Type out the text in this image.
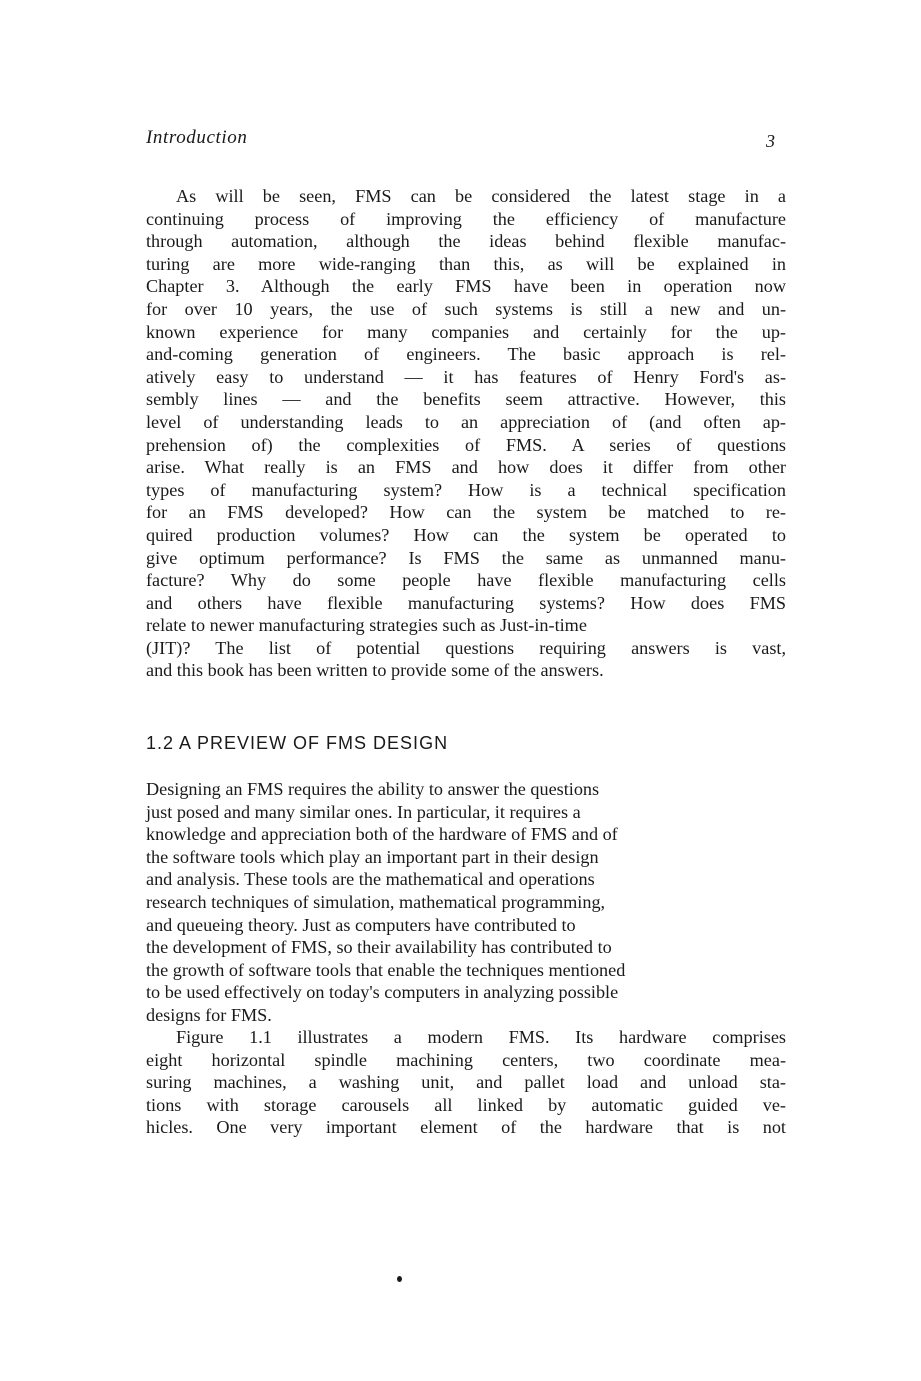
Introduction	3
As will be seen, FMS can be considered the latest stage in a
continuing process of improving the efficiency of manufacture
through automation, although the ideas behind flexible manufac-
turing are more wide-ranging than this, as will be explained in
Chapter 3. Although the early FMS have been in operation now
for over 10 years, the use of such systems is still a new and un-
known experience for many companies and certainly for the up-
and-coming generation of engineers. The basic approach is rel-
atively easy to understand — it has features of Henry Ford's as-
sembly lines — and the benefits seem attractive. However, this
level of understanding leads to an appreciation of (and often ap-
prehension of) the complexities of FMS. A series of questions
arise. What really is an FMS and how does it differ from other
types of manufacturing system? How is a technical specification
for an FMS developed? How can the system be matched to re-
quired production volumes? How can the system be operated to
give optimum performance? Is FMS the same as unmanned manu-
facture? Why do some people have flexible manufacturing cells
and others have flexible manufacturing systems? How does FMS
relate to newer manufacturing strategies such as Just-in-time
(JIT)? The list of potential questions requiring answers is vast,
and this book has been written to provide some of the answers.
1.2 A PREVIEW OF FMS DESIGN
Designing an FMS requires the ability to answer the questions
just posed and many similar ones. In particular, it requires a
knowledge and appreciation both of the hardware of FMS and of
the software tools which play an important part in their design
and analysis. These tools are the mathematical and operations
research techniques of simulation, mathematical programming,
and queueing theory. Just as computers have contributed to
the development of FMS, so their availability has contributed to
the growth of software tools that enable the techniques mentioned
to be used effectively on today's computers in analyzing possible
designs for FMS.
Figure 1.1 illustrates a modern FMS. Its hardware comprises
eight horizontal spindle machining centers, two coordinate mea-
suring machines, a washing unit, and pallet load and unload sta-
tions with storage carousels all linked by automatic guided ve-
hicles. One very important element of the hardware that is not
